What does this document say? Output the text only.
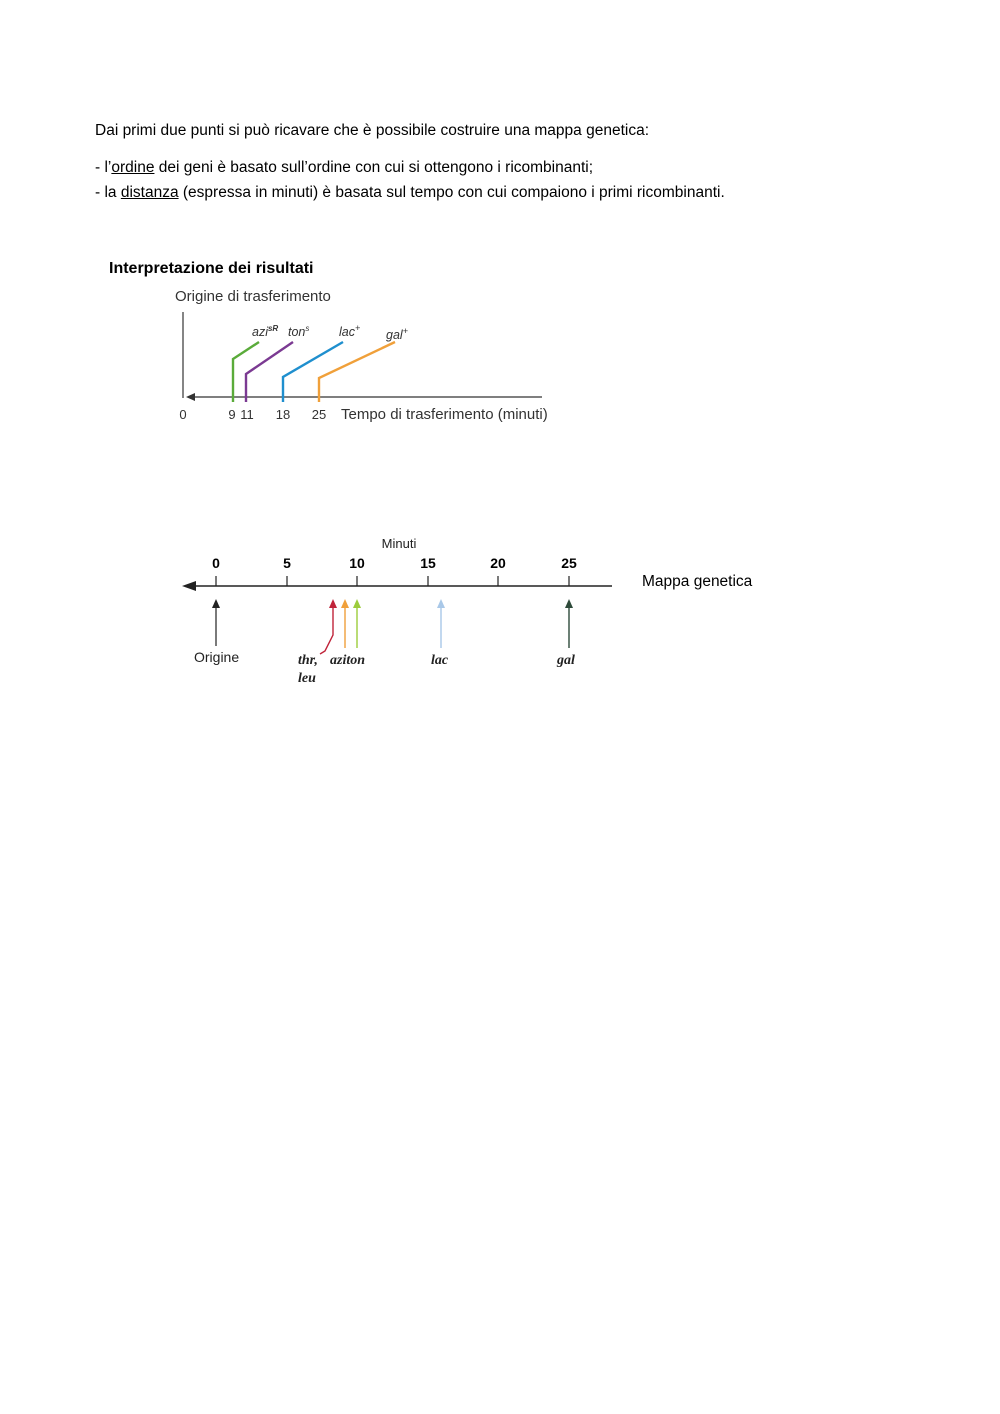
Dai primi due punti si può ricavare che è possibile costruire una mappa genetica:
- l’ordine dei geni è basato sull’ordine con cui si ottengono i ricombinanti;
- la distanza (espressa in minuti) è basata sul tempo con cui compaiono i primi ricombinanti.
Interpretazione dei risultati
Origine di trasferimento
azi$^{sR}$ ton$^s$ lac+ gal+
0	9 11 18 25 Tempo di trasferimento (minuti)
Minuti
0	5	10	15	20	25
Origine	thr,
leu
aziton	lac	gal
Mappa genetica
